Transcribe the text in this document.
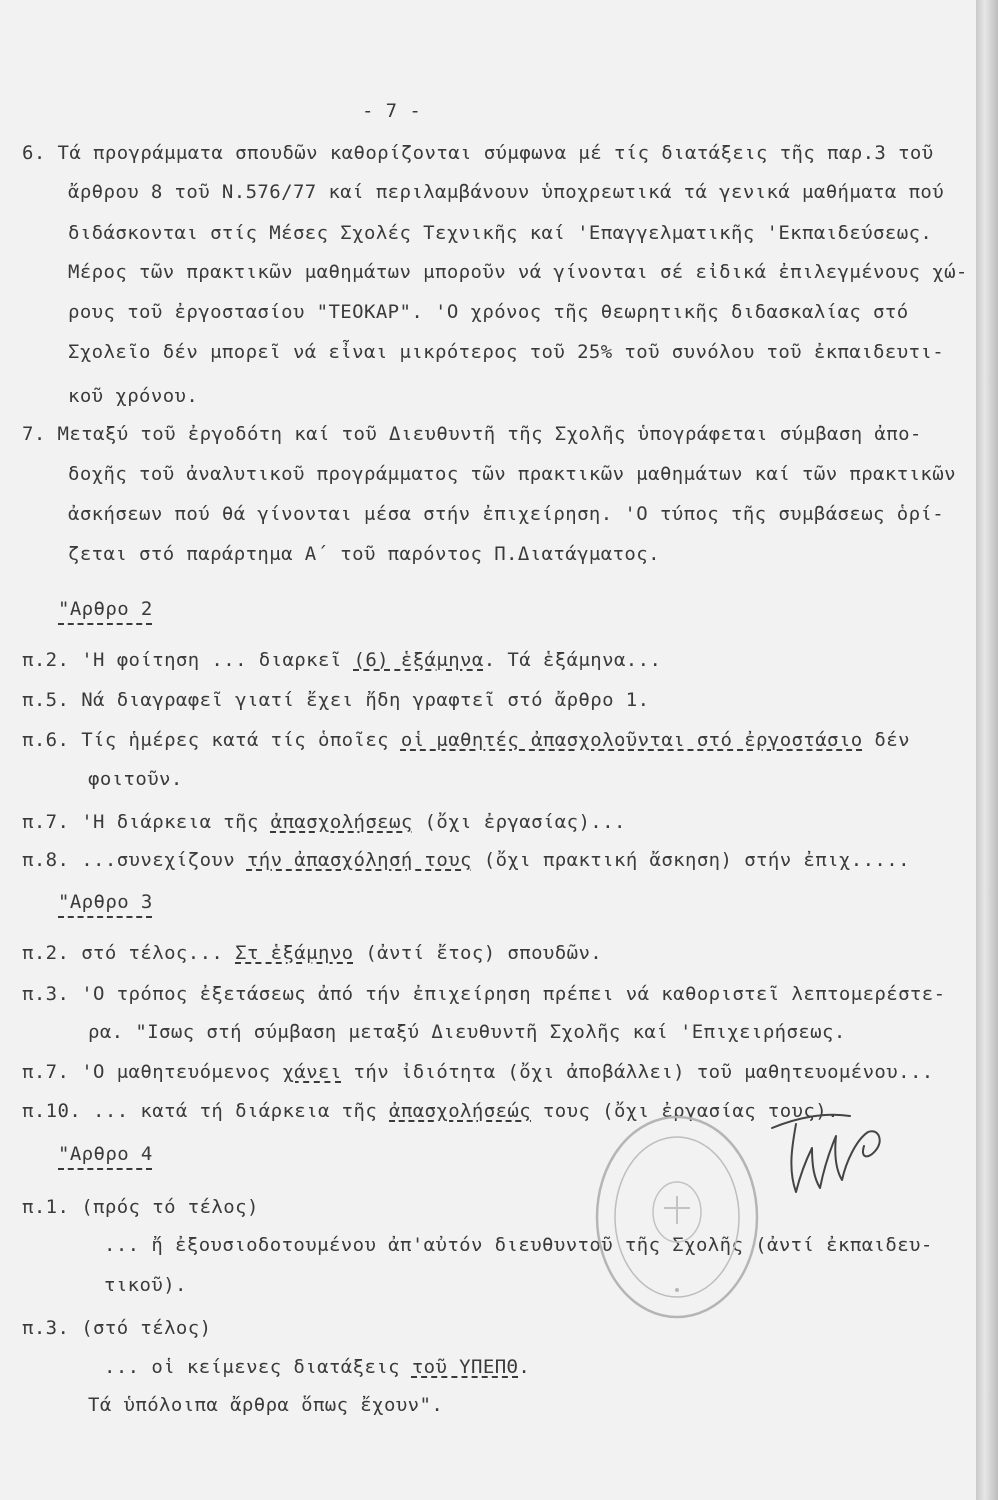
- 7 -
6. Τά προγράμματα σπουδῶν καθορίζονται σύμφωνα μέ τίς διατάξεις τῆς παρ.3 τοῦ
ἄρθρου 8 τοῦ Ν.576/77 καί περιλαμβάνουν ὑποχρεωτικά τά γενικά μαθήματα πού
διδάσκονται στίς Μέσες Σχολές Τεχνικῆς καί 'Επαγγελματικῆς 'Εκπαιδεύσεως.
Μέρος τῶν πρακτικῶν μαθημάτων μποροῦν νά γίνονται σέ εἰδικά ἐπιλεγμένους χώ-
ρους τοῦ ἐργοστασίου "ΤΕΟΚΑΡ". 'Ο χρόνος τῆς θεωρητικῆς διδασκαλίας στό
Σχολεῖο δέν μπορεῖ νά εἶναι μικρότερος τοῦ 25% τοῦ συνόλου τοῦ ἐκπαιδευτι-
κοῦ χρόνου.
7. Μεταξύ τοῦ ἐργοδότη καί τοῦ Διευθυντῆ τῆς Σχολῆς ὑπογράφεται σύμβαση ἀπο-
δοχῆς τοῦ ἀναλυτικοῦ προγράμματος τῶν πρακτικῶν μαθημάτων καί τῶν πρακτικῶν
ἀσκήσεων πού θά γίνονται μέσα στήν ἐπιχείρηση. 'Ο τύπος τῆς συμβάσεως ὁρί-
ζεται στό παράρτημα Α΄ τοῦ παρόντος Π.Διατάγματος.
"Αρθρο 2
π.2. 'Η φοίτηση ... διαρκεῖ (6) ἑξάμηνα. Τά ἑξάμηνα...
π.5. Νά διαγραφεῖ γιατί ἔχει ἤδη γραφτεῖ στό ἄρθρο 1.
π.6. Τίς ἡμέρες κατά τίς ὁποῖες οἱ μαθητές ἀπασχολοῦνται στό ἐργοστάσιο δέν
φοιτοῦν.
π.7. 'Η διάρκεια τῆς ἀπασχολήσεως (ὄχι ἐργασίας)...
π.8. ...συνεχίζουν τήν ἀπασχόλησή τους (ὄχι πρακτική ἄσκηση) στήν ἐπιχ.....
"Αρθρο 3
π.2. στό τέλος... Στ ἑξάμηνο (ἀντί ἔτος) σπουδῶν.
π.3. 'Ο τρόπος ἐξετάσεως ἀπό τήν ἐπιχείρηση πρέπει νά καθοριστεῖ λεπτομερέστε-
ρα. "Ισως στή σύμβαση μεταξύ Διευθυντῆ Σχολῆς καί 'Επιχειρήσεως.
π.7. 'Ο μαθητευόμενος χάνει τήν ἰδιότητα (ὄχι ἀποβάλλει) τοῦ μαθητευομένου...
π.10. ... κατά τή διάρκεια τῆς ἀπασχολήσεώς τους (ὄχι ἐργασίας τους).
"Αρθρο 4
π.1. (πρός τό τέλος)
... ἤ ἐξουσιοδοτουμένου ἀπ'αὐτόν διευθυντοῦ τῆς Σχολῆς (ἀντί ἐκπαιδευ-
τικοῦ).
π.3. (στό τέλος)
... οἱ κείμενες διατάξεις τοῦ ΥΠΕΠΘ.
Τά ὑπόλοιπα ἄρθρα ὅπως ἔχουν".
